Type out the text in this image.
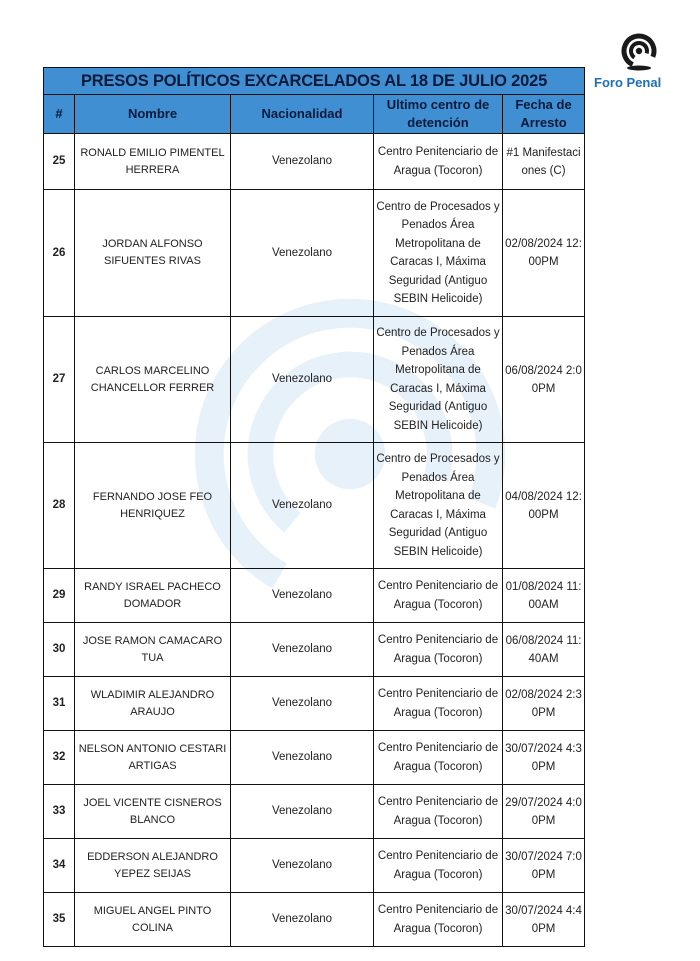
Foro Penal
PRESOS POLÍTICOS EXCARCELADOS AL 18 DE JULIO 2025				
#	Nombre	Nacionalidad	Ultimo centro de detención	Fecha de Arresto
25	RONALD EMILIO PIMENTEL HERRERA	Venezolano	Centro Penitenciario de Aragua (Tocoron)	#1 Manifestaciones (C)
26	JORDAN ALFONSO SIFUENTES RIVAS	Venezolano	Centro de Procesados y Penados Área Metropolitana de Caracas I, Máxima Seguridad (Antiguo SEBIN Helicoide)	02/08/2024 12:00PM
27	CARLOS MARCELINO CHANCELLOR FERRER	Venezolano	Centro de Procesados y Penados Área Metropolitana de Caracas I, Máxima Seguridad (Antiguo SEBIN Helicoide)	06/08/2024 2:00PM
28	FERNANDO JOSE FEO HENRIQUEZ	Venezolano	Centro de Procesados y Penados Área Metropolitana de Caracas I, Máxima Seguridad (Antiguo SEBIN Helicoide)	04/08/2024 12:00PM
29	RANDY ISRAEL PACHECO DOMADOR	Venezolano	Centro Penitenciario de Aragua (Tocoron)	01/08/2024 11:00AM
30	JOSE RAMON CAMACARO TUA	Venezolano	Centro Penitenciario de Aragua (Tocoron)	06/08/2024 11:40AM
31	WLADIMIR ALEJANDRO ARAUJO	Venezolano	Centro Penitenciario de Aragua (Tocoron)	02/08/2024 2:30PM
32	NELSON ANTONIO CESTARI ARTIGAS	Venezolano	Centro Penitenciario de Aragua (Tocoron)	30/07/2024 4:30PM
33	JOEL VICENTE CISNEROS BLANCO	Venezolano	Centro Penitenciario de Aragua (Tocoron)	29/07/2024 4:00PM
34	EDDERSON ALEJANDRO YEPEZ SEIJAS	Venezolano	Centro Penitenciario de Aragua (Tocoron)	30/07/2024 7:00PM
35	MIGUEL ANGEL PINTO COLINA	Venezolano	Centro Penitenciario de Aragua (Tocoron)	30/07/2024 4:40PM
